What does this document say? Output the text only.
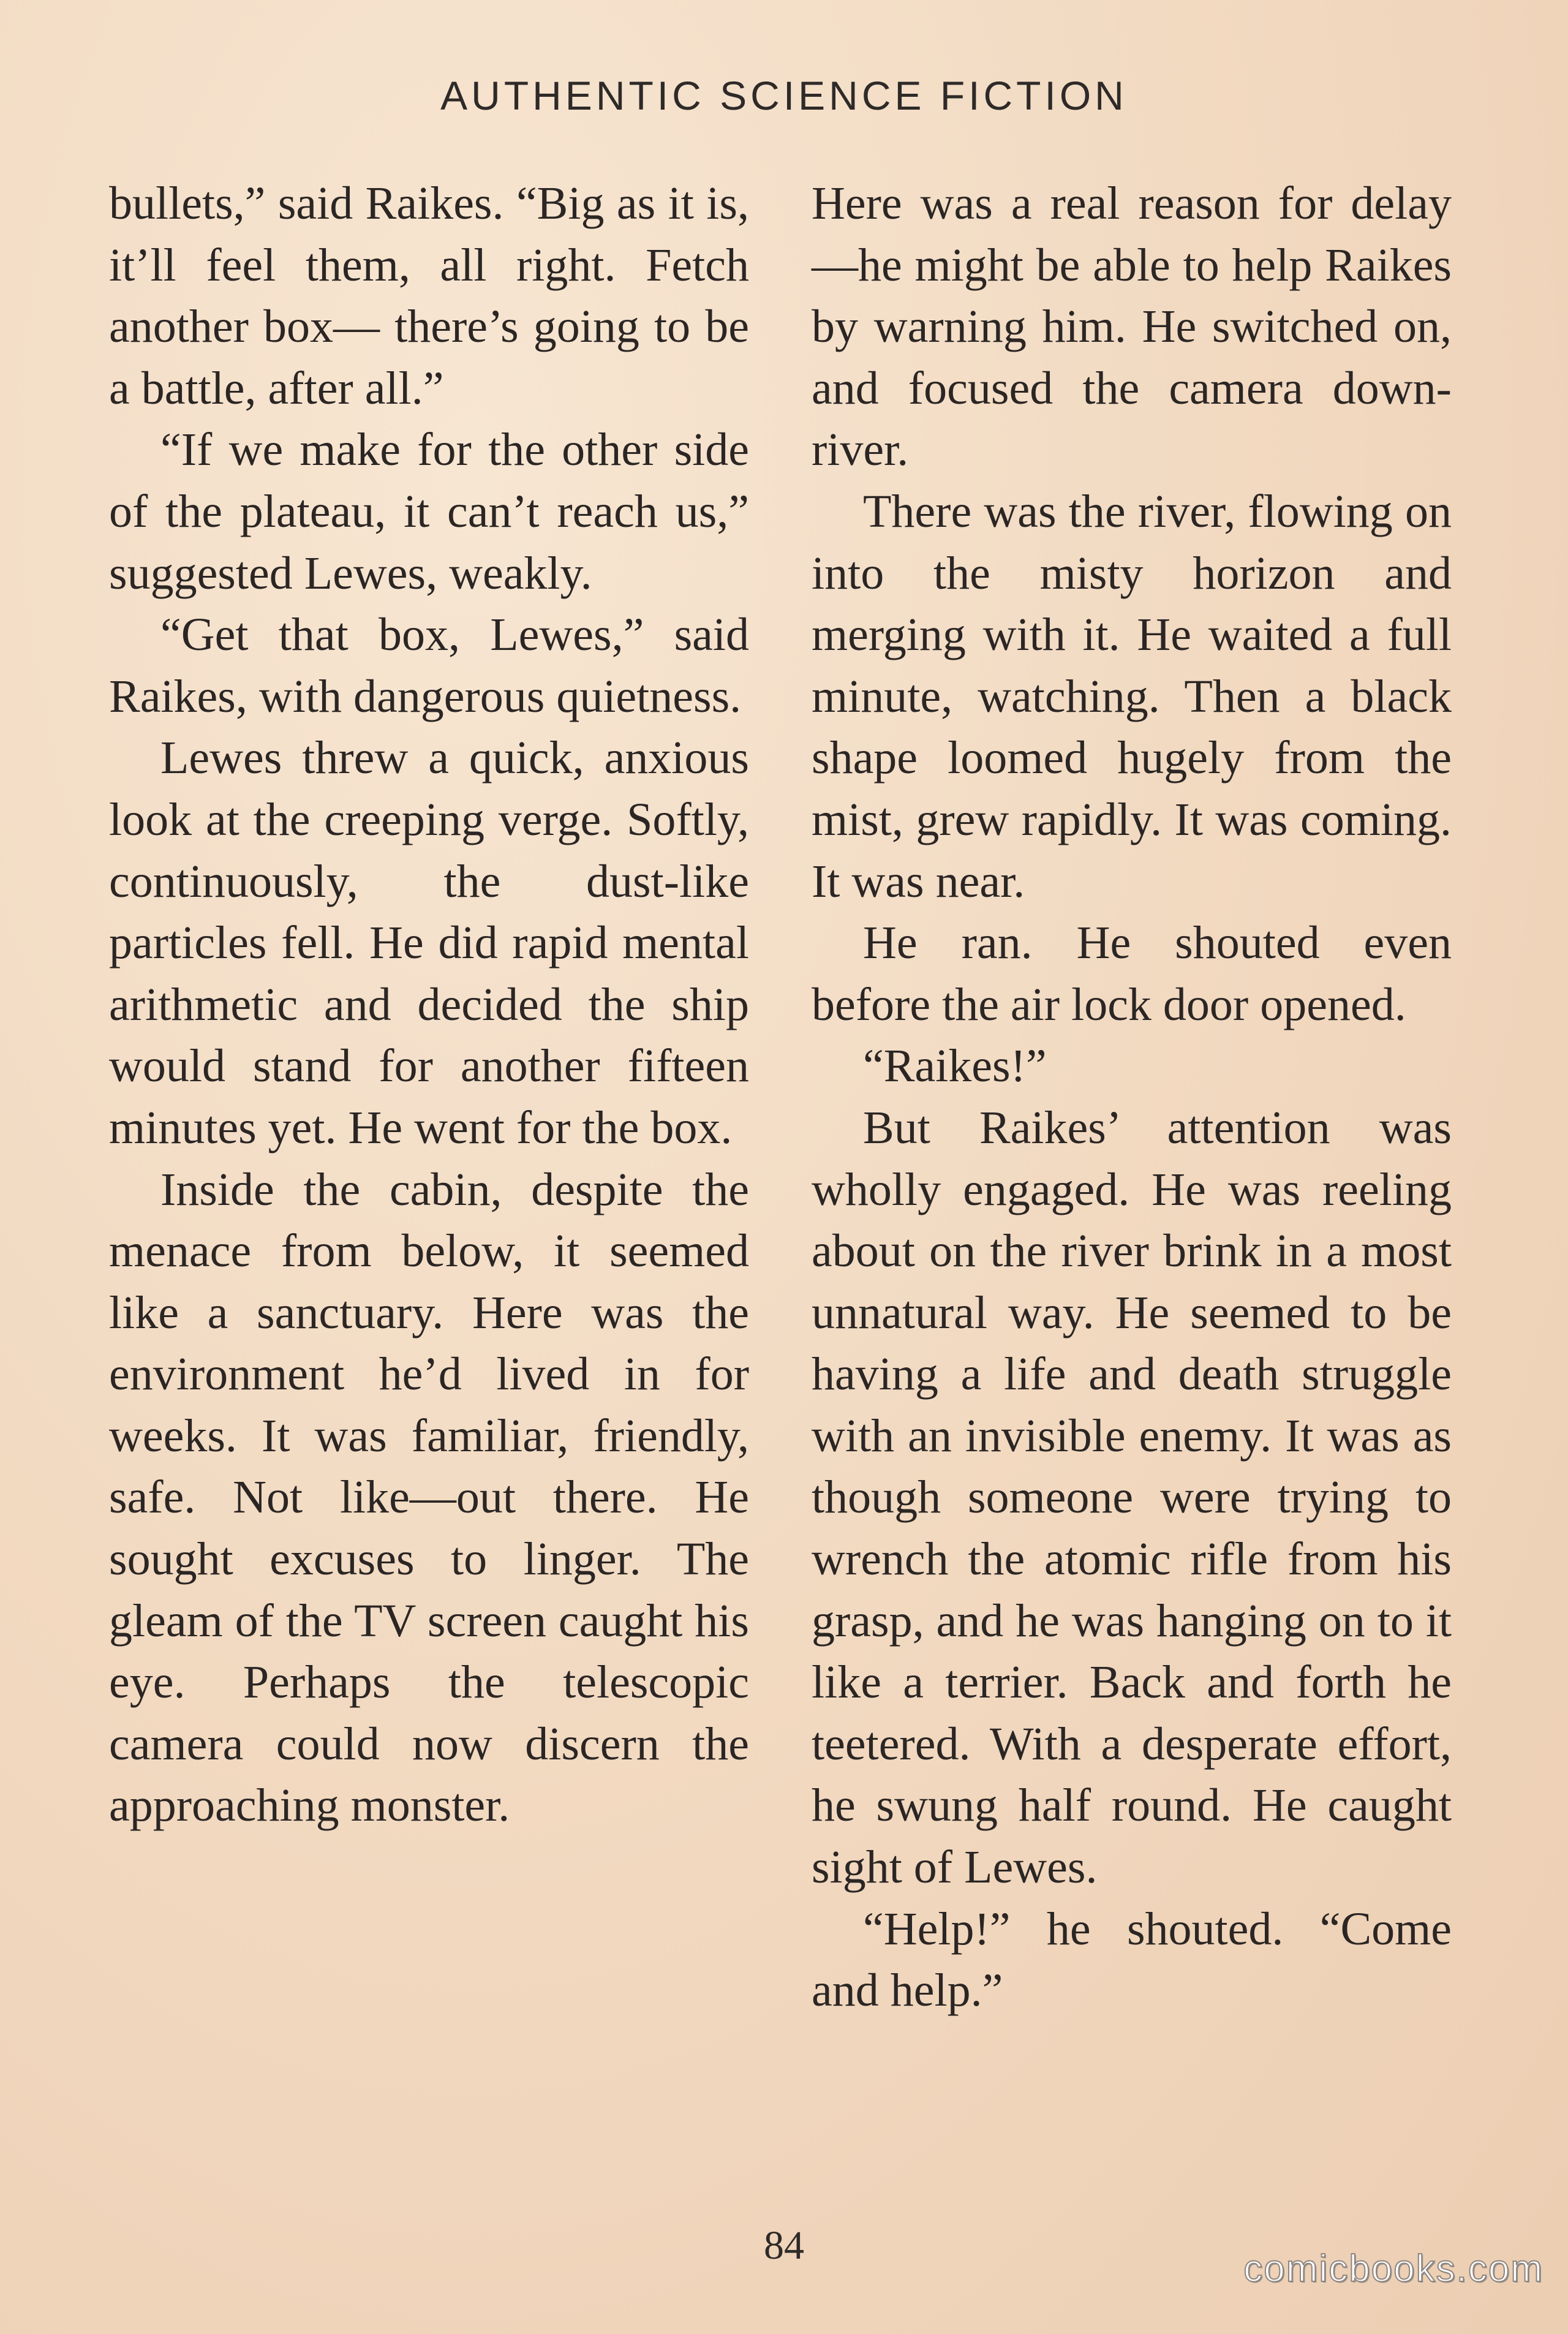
AUTHENTIC SCIENCE FICTION

bullets,” said Raikes. “Big as it is, it’ll feel them, all right. Fetch another box— there’s going to be a battle, after all.”

“If we make for the other side of the plateau, it can’t reach us,” suggested Lewes, weakly.

“Get that box, Lewes,” said Raikes, with dangerous quietness.

Lewes threw a quick, anxious look at the creeping verge. Softly, continuously, the dust-like particles fell. He did rapid mental arithmetic and decided the ship would stand for another fifteen minutes yet. He went for the box.

Inside the cabin, despite the menace from below, it seemed like a sanctuary. Here was the environment he’d lived in for weeks. It was familiar, friendly, safe. Not like—out there. He sought excuses to linger. The gleam of the TV screen caught his eye. Perhaps the telescopic camera could now discern the approaching monster.

Here was a real reason for delay—he might be able to help Raikes by warning him. He switched on, and focused the camera down-river.

There was the river, flowing on into the misty horizon and merging with it. He waited a full minute, watching. Then a black shape loomed hugely from the mist, grew rapidly. It was coming. It was near.

He ran. He shouted even before the air lock door opened.

“Raikes!”

But Raikes’ attention was wholly engaged. He was reeling about on the river brink in a most unnatural way. He seemed to be having a life and death struggle with an invisible enemy. It was as though someone were trying to wrench the atomic rifle from his grasp, and he was hanging on to it like a terrier. Back and forth he teetered. With a desperate effort, he swung half round. He caught sight of Lewes.

“Help!” he shouted. “Come and help.”

84
comicbooks.com
